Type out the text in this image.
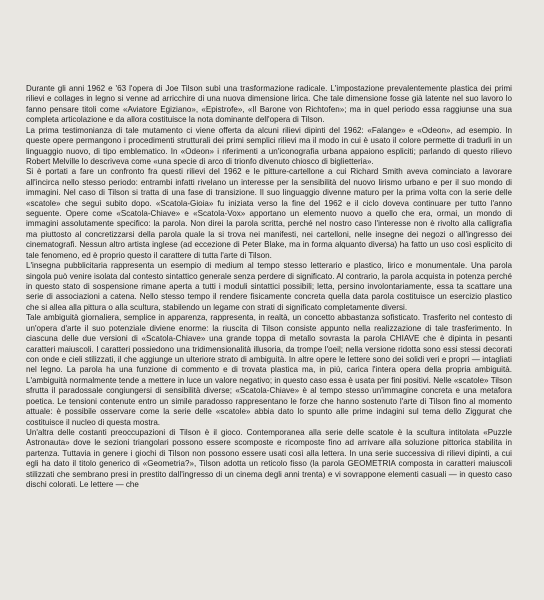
Durante gli anni 1962 e '63 l'opera di Joe Tilson subì una trasformazione radicale. L'impostazione prevalentemente plastica dei primi rilievi e collages in legno si venne ad arricchire di una nuova dimensione lirica. Che tale dimensione fosse già latente nel suo lavoro lo fanno pensare titoli come «Aviatore Egiziano», «Epistrofe», «Il Barone von Richtofen»; ma in quel periodo essa raggiunse una sua completa articolazione e da allora costituisce la nota dominante dell'opera di Tilson.

La prima testimonianza di tale mutamento ci viene offerta da alcuni rilievi dipinti del 1962: «Falange» e «Odeon», ad esempio. In queste opere permangono i procedimenti strutturali dei primi semplici rilievi ma il modo in cui è usato il colore permette di tradurli in un linguaggio nuovo, di tipo emblematico. In «Odeon» i riferimenti a un'iconografia urbana appaiono espliciti; parlando di questo rilievo Robert Melville lo descriveva come «una specie di arco di trionfo divenuto chiosco di biglietteria».

Si è portati a fare un confronto fra questi rilievi del 1962 e le pitture-cartellone a cui Richard Smith aveva cominciato a lavorare all'incirca nello stesso periodo: entrambi infatti rivelano un interesse per la sensibilità del nuovo lirismo urbano e per il suo mondo di immagini. Nel caso di Tilson si tratta di una fase di transizione. Il suo linguaggio divenne maturo per la prima volta con la serie delle «scatole» che seguì subito dopo. «Scatola-Gioia» fu iniziata verso la fine del 1962 e il ciclo doveva continuare per tutto l'anno seguente. Opere come «Scatola-Chiave» e «Scatola-Vox» apportano un elemento nuovo a quello che era, ormai, un mondo di immagini assolutamente specifico: la parola. Non direi la parola scritta, perché nel nostro caso l'interesse non è rivolto alla calligrafia ma piuttosto al concretizzarsi della parola quale la si trova nei manifesti, nei cartelloni, nelle insegne dei negozi o all'ingresso dei cinematografi. Nessun altro artista inglese (ad eccezione di Peter Blake, ma in forma alquanto diversa) ha fatto un uso così esplicito di tale fenomeno, ed è proprio questo il carattere di tutta l'arte di Tilson.

L'insegna pubblicitaria rappresenta un esempio di medium al tempo stesso letterario e plastico, lirico e monumentale. Una parola singola può venire isolata dal contesto sintattico generale senza perdere di significato. Al contrario, la parola acquista in potenza perché in questo stato di sospensione rimane aperta a tutti i moduli sintattici possibili; letta, persino involontariamente, essa ta scattare una serie di associazioni a catena. Nello stesso tempo il rendere fisicamente concreta quella data parola costituisce un esercizio plastico che si allea alla pittura o alla scultura, stabilendo un legame con strati di significato completamente diversi.

Tale ambiguità giornaliera, semplice in apparenza, rappresenta, in realtà, un concetto abbastanza sofisticato. Trasferito nel contesto di un'opera d'arte il suo potenziale diviene enorme: la riuscita di Tilson consiste appunto nella realizzazione di tale trasferimento. In ciascuna delle due versioni di «Scatola-Chiave» una grande toppa di metallo sovrasta la parola CHIAVE che è dipinta in pesanti caratteri maiuscoli. I caratteri possiedono una tridimensionalità illusoria, da trompe l'oeil; nella versione ridotta sono essi stessi decorati con onde e cieli stilizzati, il che aggiunge un ulteriore strato di ambiguità. In altre opere le lettere sono dei solidi veri e propri — intagliati nel legno. La parola ha una funzione di commento e di trovata plastica ma, in più, carica l'intera opera della propria ambiguità. L'ambiguità normalmente tende a mettere in luce un valore negativo; in questo caso essa è usata per fini positivi. Nelle «scatole» Tilson sfrutta il paradossale congiungersi di sensibilità diverse; «Scatola-Chiave» è al tempo stesso un'immagine concreta e una metafora poetica. Le tensioni contenute entro un simile paradosso rappresentano le forze che hanno sostenuto l'arte di Tilson fino al momento attuale: è possibile osservare come la serie delle «scatole» abbia dato lo spunto alle prime indagini sul tema dello Ziggurat che costituisce il nucleo di questa mostra.

Un'altra delle costanti preoccupazioni di Tilson è il gioco. Contemporanea alla serie delle scatole è la scultura intitolata «Puzzle Astronauta» dove le sezioni triangolari possono essere scomposte e ricomposte fino ad arrivare alla soluzione pittorica stabilita in partenza. Tuttavia in genere i giochi di Tilson non possono essere usati così alla lettera. In una serie successiva di rilievi dipinti, a cui egli ha dato il titolo generico di «Geometria?», Tilson adotta un reticolo fisso (la parola GEOMETRIA composta in caratteri maiuscoli stilizzati che sembrano presi in prestito dall'ingresso di un cinema degli anni trenta) e vi sovrappone elementi casuali — in questo caso dischi colorati. Le lettere — che
